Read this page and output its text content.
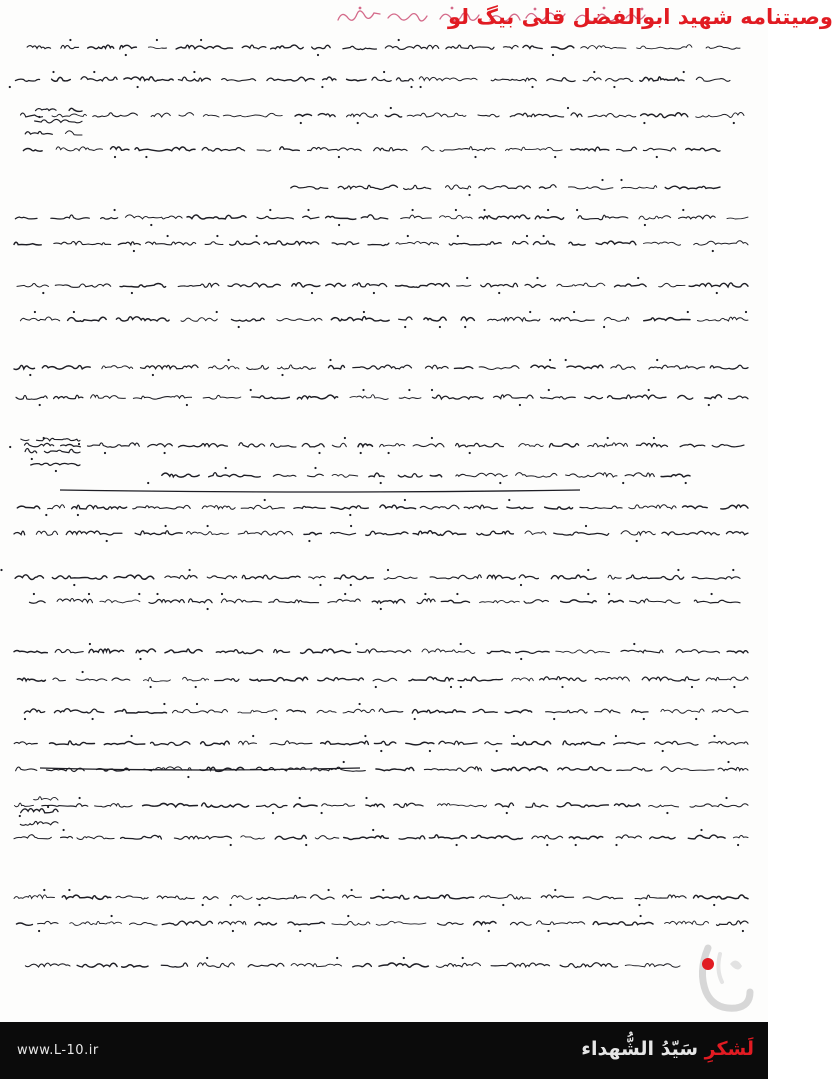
وصیتنامه شهید ابوالفضل قلی بیگ لو
www.L-10.ir	لَشکرِ سَیّدُ الشُّهداء
